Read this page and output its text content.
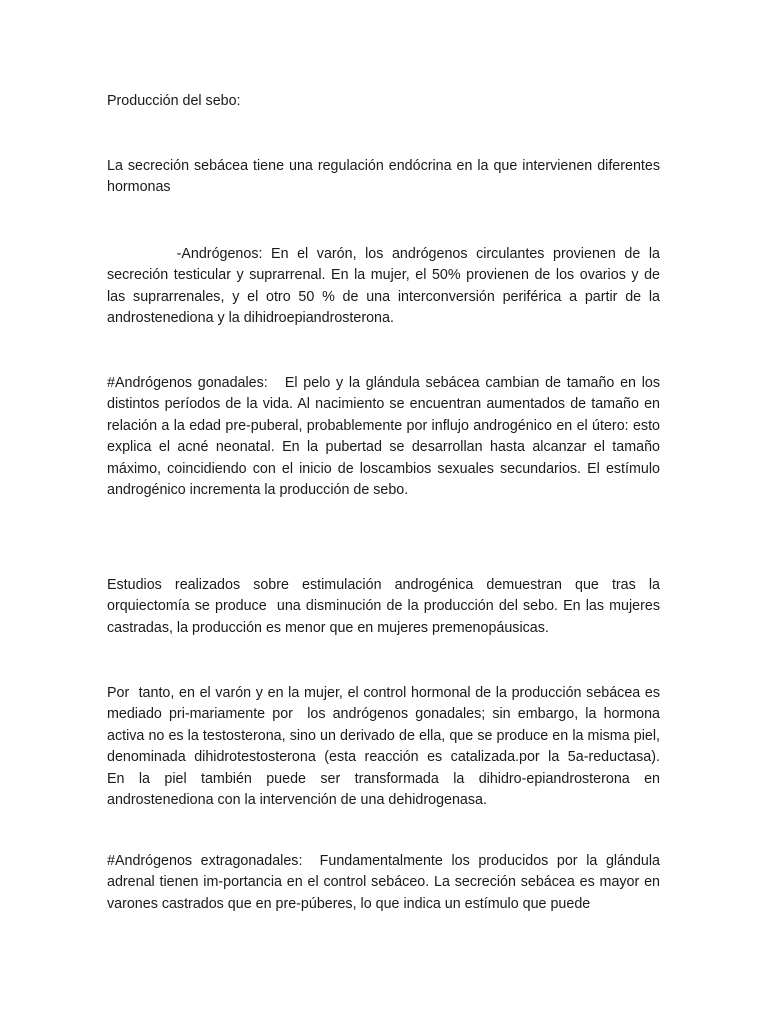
Producción del sebo:

La secreción sebácea tiene una regulación endócrina en la que intervienen diferentes hormonas

	-Andrógenos: En el varón, los andrógenos circulantes provienen de la secreción testicular y suprarrenal. En la mujer, el 50% provienen de los ovarios y de las suprarrenales, y el otro 50 % de una interconversión periférica a partir de la androstenediona y la dihidroepiandrosterona.

#Andrógenos gonadales:   El pelo y la glándula sebácea cambian de tamaño en los distintos períodos de la vida. Al nacimiento se encuentran aumentados de tamaño en relación a la edad pre-puberal, probablemente por influjo androgénico en el útero: esto explica el acné neonatal. En la pubertad se desarrollan hasta alcanzar el tamaño máximo, coincidiendo con el inicio de loscambios sexuales secundarios. El estímulo androgénico incrementa la producción de sebo.

Estudios realizados sobre estimulación androgénica demuestran que tras la orquiectomía se produce  una disminución de la producción del sebo. En las mujeres castradas, la producción es menor que en mujeres premenopáusicas.

Por  tanto, en el varón y en la mujer, el control hormonal de la producción sebácea es mediado pri-mariamente por  los andrógenos gonadales; sin embargo, la hormona activa no es la testosterona, sino un derivado de ella, que se produce en la misma piel, denominada dihidrotestosterona (esta reacción es catalizada.por la 5a-reductasa).    En la piel también puede ser transformada la dihidro-epiandrosterona en androstenediona con la intervención de una dehidrogenasa.

#Andrógenos extragonadales:  Fundamentalmente los producidos por la glándula adrenal tienen im-portancia en el control sebáceo. La secreción sebácea es mayor en varones castrados que en pre-púberes, lo que indica un estímulo que puede
